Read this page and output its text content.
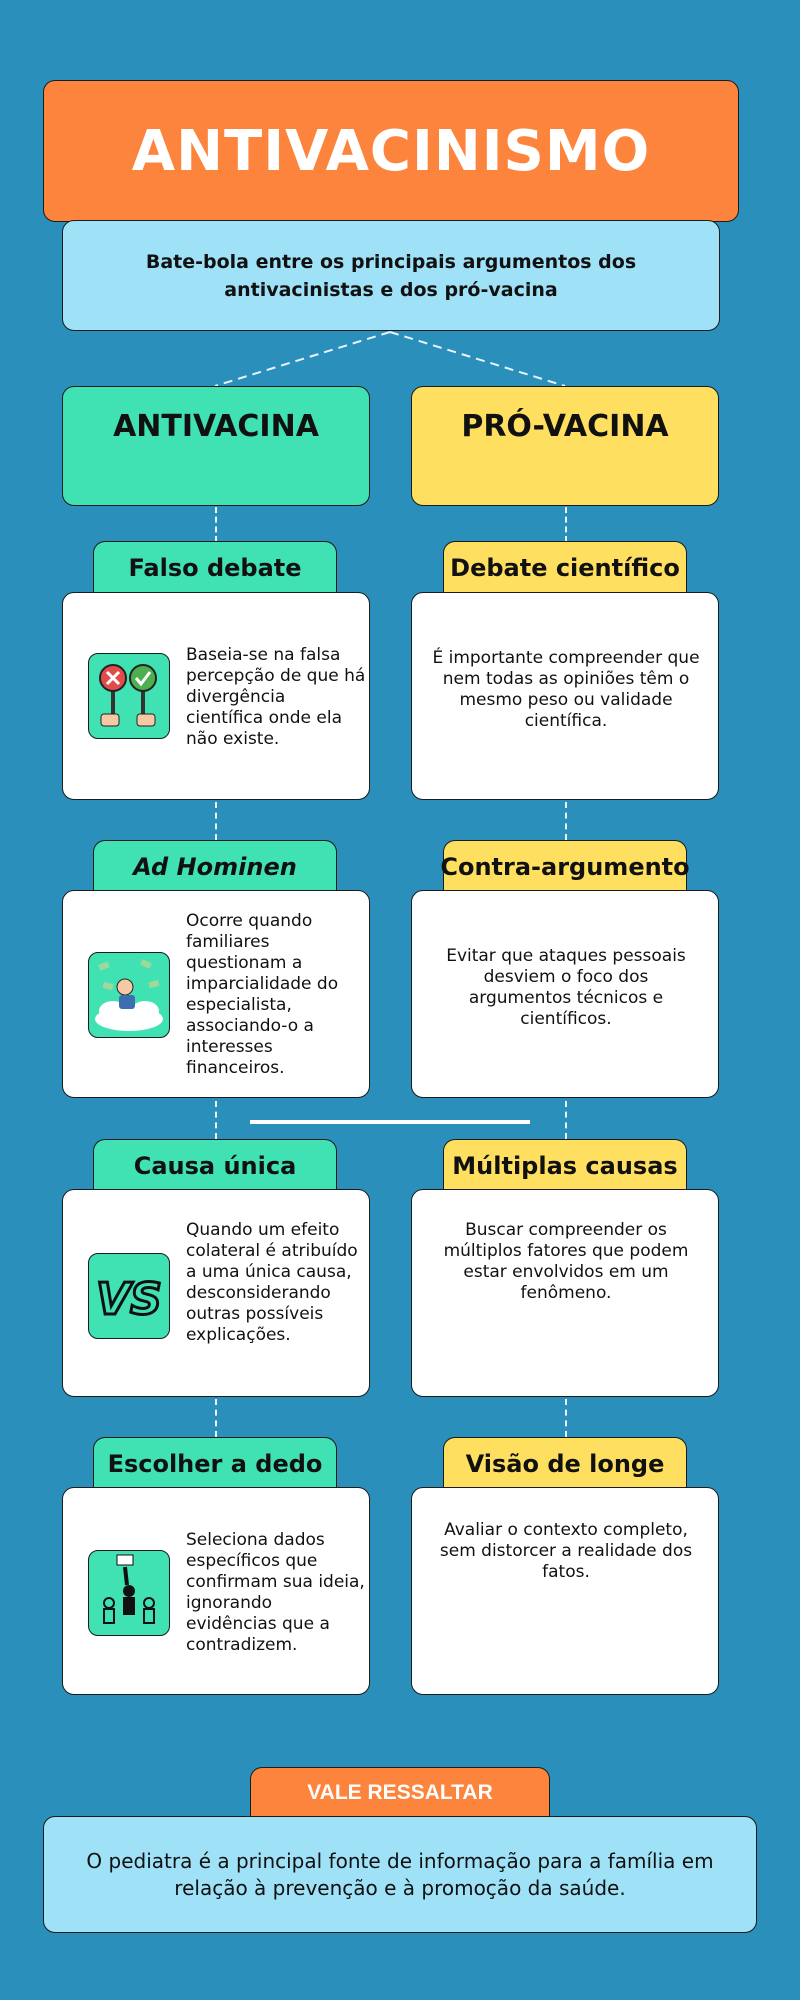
ANTIVACINISMO
Bate-bola entre os principais argumentos dos antivacinistas e dos pró-vacina
ANTIVACINA	PRÓ-VACINA
Falso debate
Baseia-se na falsa percepção de que há divergência científica onde ela não existe.
Debate científico
É importante compreender que nem todas as opiniões têm o mesmo peso ou validade científica.
Ad Hominen
Ocorre quando familiares questionam a imparcialidade do especialista, associando-o a interesses financeiros.
Contra-argumento
Evitar que ataques pessoais desviem o foco dos argumentos técnicos e científicos.
Causa única
VS
Quando um efeito colateral é atribuído a uma única causa, desconsiderando outras possíveis explicações.
Múltiplas causas
Buscar compreender os múltiplos fatores que podem estar envolvidos em um fenômeno.
Escolher a dedo
Seleciona dados específicos que confirmam sua ideia, ignorando evidências que a contradizem.
Visão de longe
Avaliar o contexto completo, sem distorcer a realidade dos fatos.
VALE RESSALTAR
O pediatra é a principal fonte de informação para a família em relação à prevenção e à promoção da saúde.
